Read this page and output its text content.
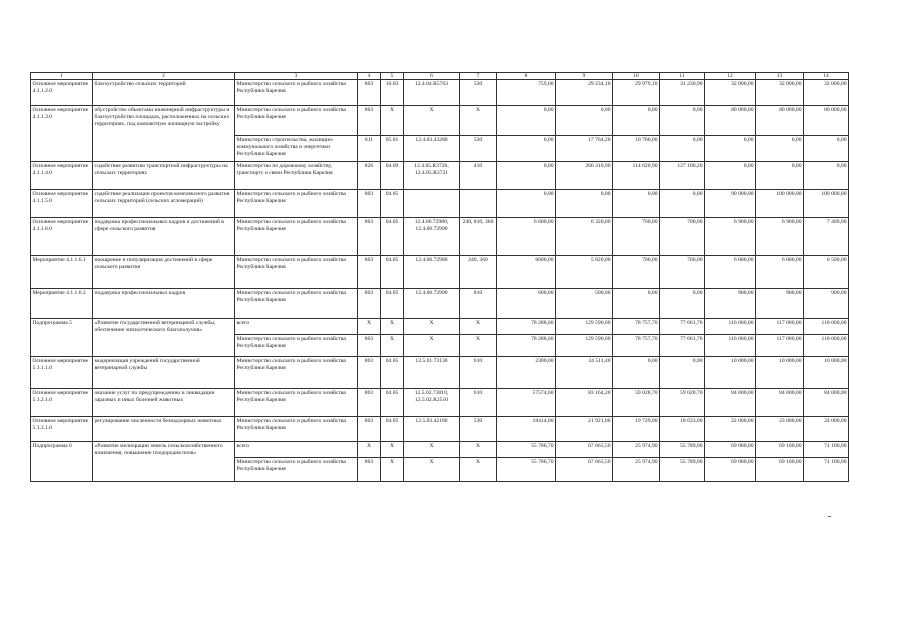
1	2	3	4	5	6	7	8	9	10	11	12	13	14
Основное мероприятие 4.1.1.2.0	благоустройство сельских территорий	Министерство сельского и рыбного хозяйства Республики Карелия	803	10.03	12.4.04.R5763	520	759,60	29 234,10	29 979,10	31 230,90	32 000,00	32 000,00	32 000,00
Основное мероприятие 4.1.1.3.0	обустройство объектами инженерной инфраструктуры и благоустройство площадок, расположенных на сельских территориях, под компактную жилищную застройку	Министерство сельского и рыбного хозяйства Республики Карелия	803	Х	Х	Х	0,00	0,00	0,00	0,00	80 000,00	80 000,00	80 000,00
		Министерство строительства, жилищно-коммунального хозяйства и энергетики Республики Карелия	811	05.01	12.4.03.43280	520	0,00	17 764,20	10 700,00	0,00	0,00	0,00	0,00
Основное мероприятие 4.1.1.4.0	содействие развитию транспортной инфраструктуры на сельских территориях	Министерство по дорожному хозяйству, транспорту и связи Республики Карелия	826	04.09	12.4.05.R3720, 12.4.05.R3721	410	0,00	266 310,90	114 620,90	127 100,20	0,00	0,00	0,00
Основное мероприятие 4.1.1.5.0	содействие реализации проектов комплексного развития сельских территорий (сельских агломераций)	Министерство сельского и рыбного хозяйства Республики Карелия	803	04.05			0,00	0,00	0,00	0,00	90 000,00	100 000,00	100 000,00
Основное мероприятие 4.1.1.6.0	поддержка профессиональных кадров и достижений в сфере сельского развития	Министерство сельского и рыбного хозяйства Республики Карелия	803	04.05	12.4.06.72980, 12.4.06.72990	240, 810, 360	6 600,00	6 320,00	700,00	700,00	6 900,00	6 900,00	7 400,00
Мероприятие 4.1.1.6.1	поощрение и популяризация достижений в сфере сельского развития	Министерство сельского и рыбного хозяйства Республики Карелия	803	04.05	12.4.06.72980	240, 360	6000,00	5 820,00	700,00	700,00	6 000,00	6 000,00	6 500,00
Мероприятие 4.1.1.6.2	поддержка профессиональных кадров	Министерство сельского и рыбного хозяйства Республики Карелия	803	04.05	12.4.06.72990	810	600,00	500,00	0,00	0,00	900,00	900,00	900,00
Подпрограмма 5	«Развитие государственной ветеринарной службы, обеспечение эпизоотического благополучия»	всего	Х	Х	Х	Х	78 288,60	129 596,60	78 757,70	77 661,70	116 000,00	117 000,00	118 000,00
		Министерство сельского и рыбного хозяйства Республики Карелия	803	Х	Х	Х	78 288,60	129 596,60	78 757,70	77 661,70	116 000,00	117 000,00	118 000,00
Основное мероприятие 5.1.1.1.0	модернизация учреждений государственной ветеринарной службы	Министерство сельского и рыбного хозяйства Республики Карелия	803	04.05	12.5.01.73130	610	2300,00	24 511,40	0,00	0,00	10 000,00	10 000,00	10 000,00
Основное мероприятие 5.1.2.1.0	оказание услуг по предупреждению и ликвидации заразных и иных болезней животных	Министерство сельского и рыбного хозяйства Республики Карелия	803	04.05	12.5.02.73010, 12.5.02.R2510	610	57574,60	83 164,20	59 028,70	59 028,70	84 000,00	84 000,00	84 000,00
Основное мероприятие 5.1.3.1.0	регулирование численности безнадзорных животных	Министерство сельского и рыбного хозяйства Республики Карелия	803	04.05	12.5.03.42180	530	18414,00	21 921,00	19 729,00	18 633,00	22 000,00	23 000,00	24 000,00
Подпрограмма 6	«Развитие мелиорации земель сельскохозяйственного назначения, повышение плодородия почв»	всего	Х	Х	Х	Х	55 786,70	67 663,50	25 974,90	55 789,00	69 000,00	69 100,00	71 100,00
		Министерство сельского и рыбного хозяйства Республики Карелия	803	Х	Х	Х	55 786,70	67 663,50	25 974,90	55 789,00	69 000,00	69 100,00	71 100,00
